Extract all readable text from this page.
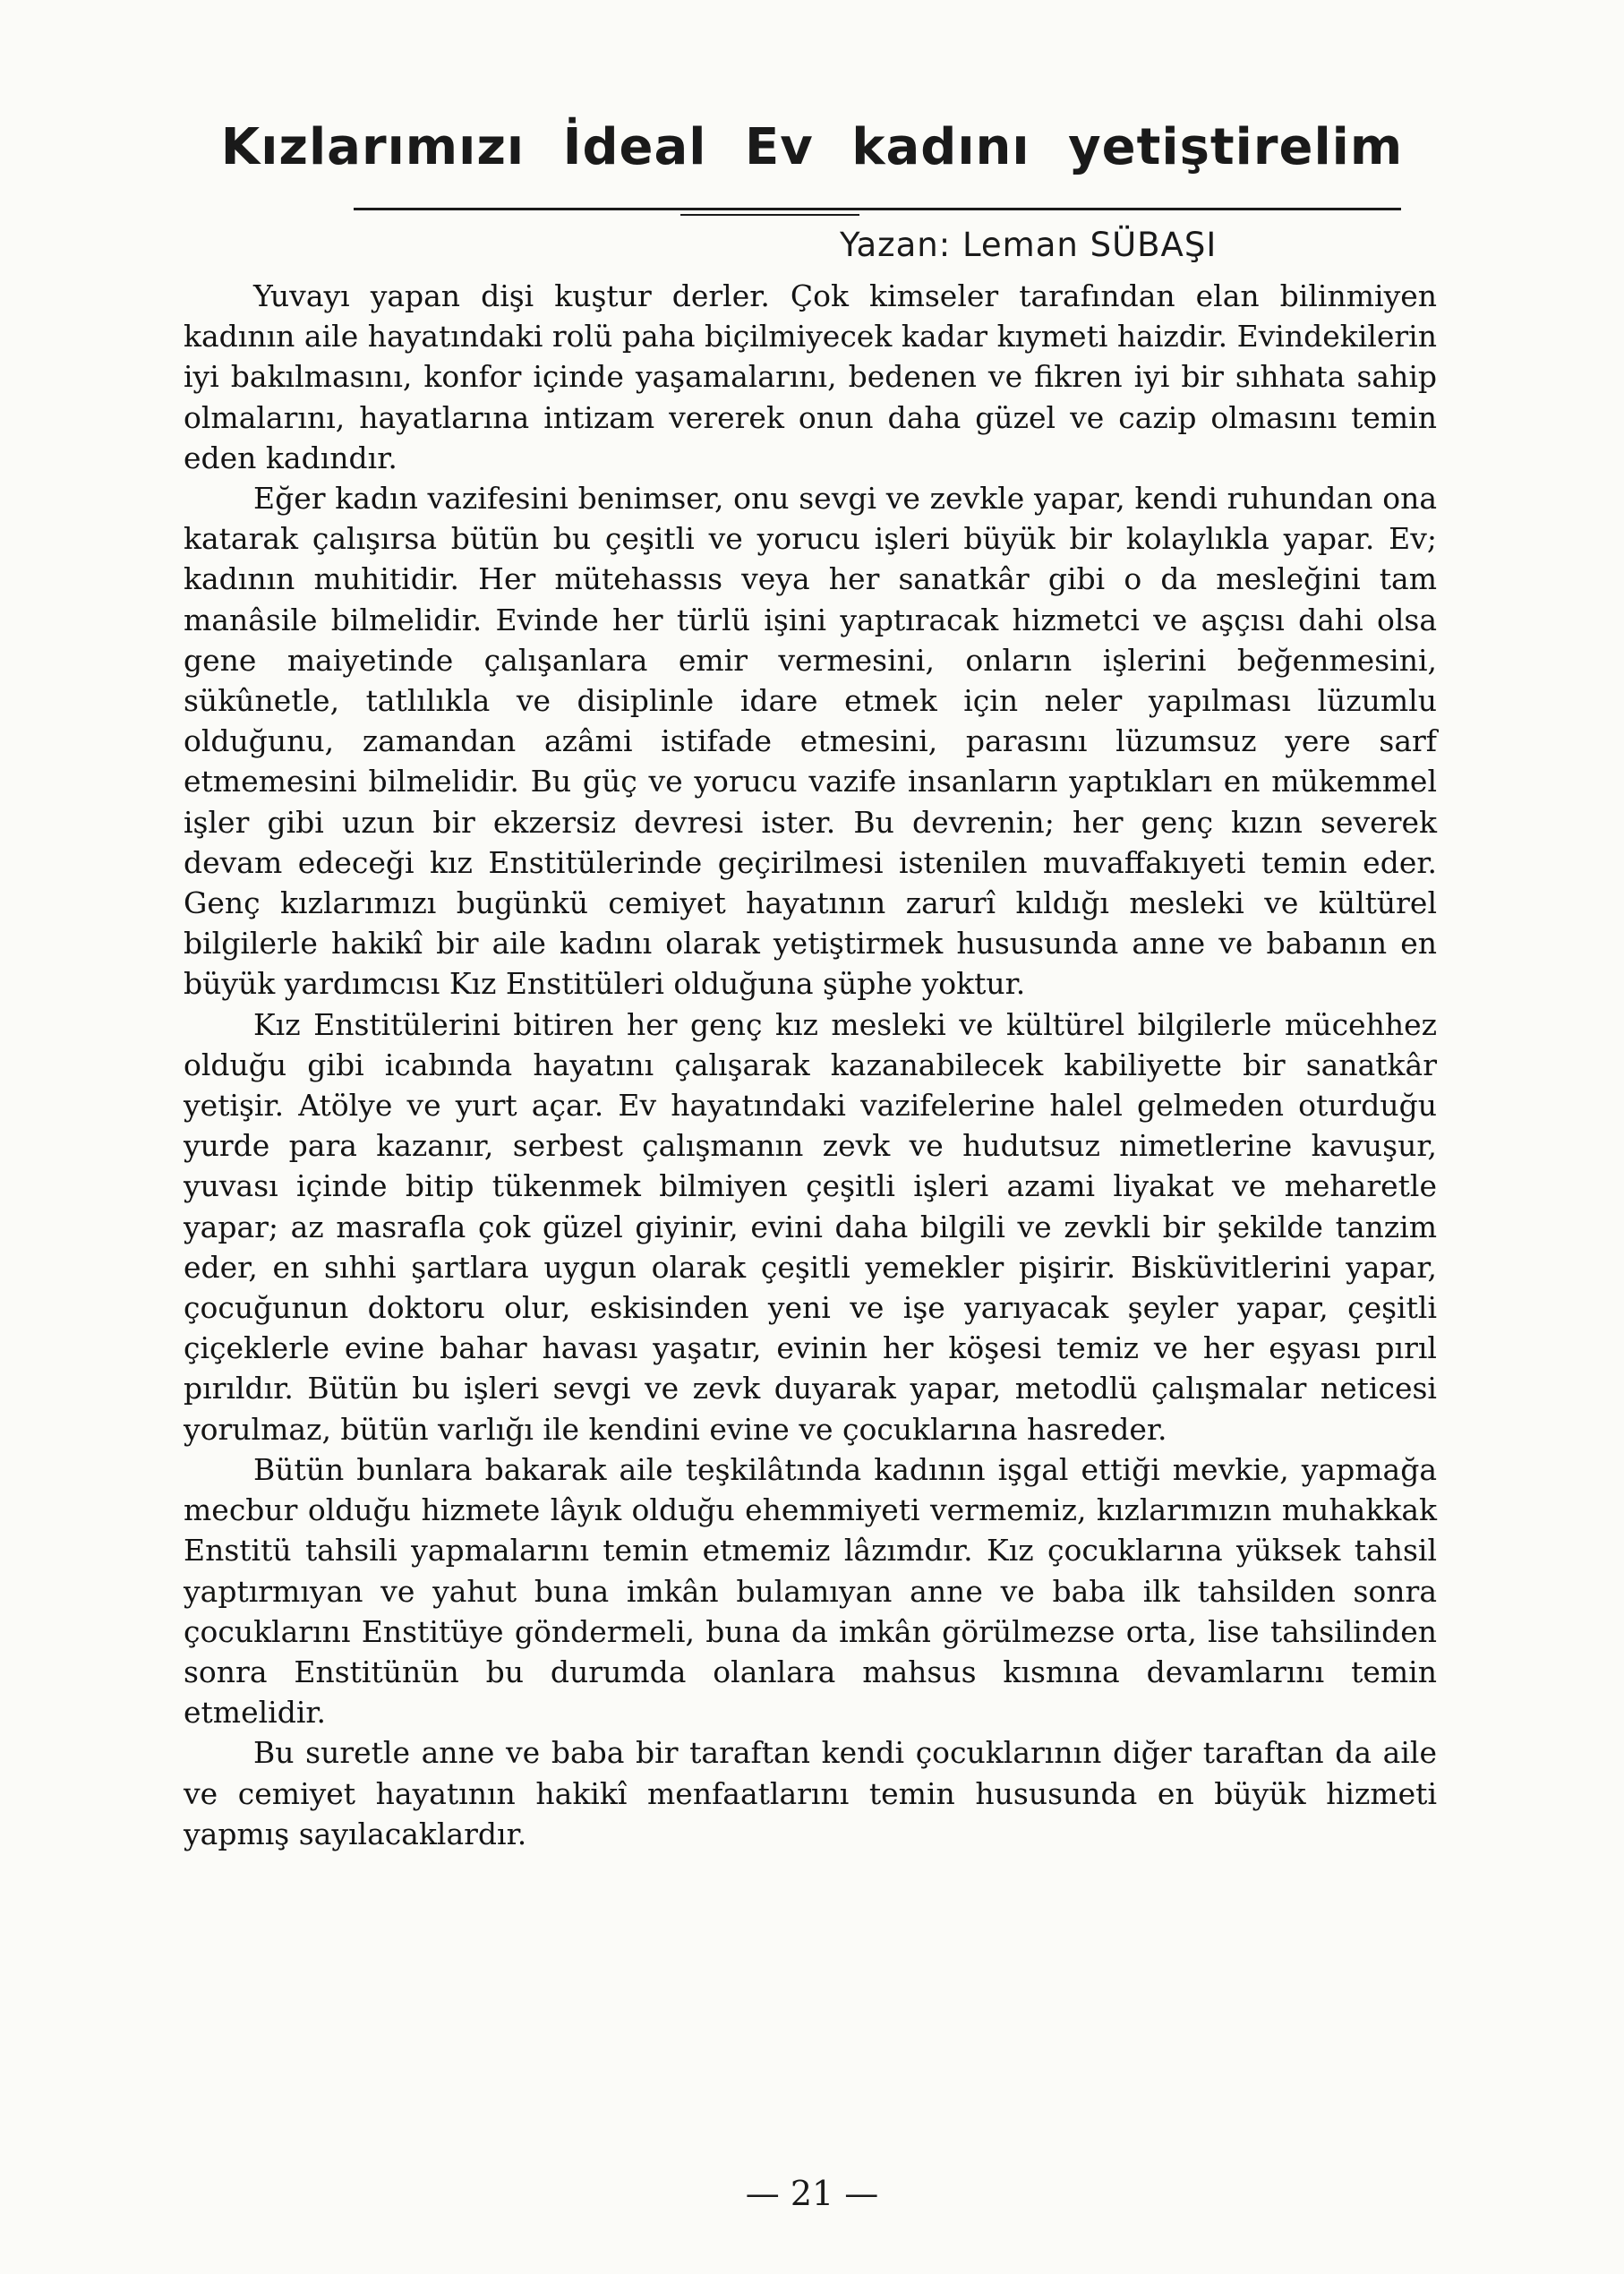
Kızlarımızı İdeal Ev kadını yetiştirelim
Yazan: Leman SÜBAŞI

Yuvayı yapan dişi kuştur derler. Çok kimseler tarafından elan bilinmiyen kadının aile hayatındaki rolü paha biçilmiyecek kadar kıymeti haizdir. Evindekilerin iyi bakılmasını, konfor içinde yaşamalarını, bedenen ve fikren iyi bir sıhhata sahip olmalarını, hayatlarına intizam vererek onun daha güzel ve cazip olmasını temin eden kadındır.

Eğer kadın vazifesini benimser, onu sevgi ve zevkle yapar, kendi ruhundan ona katarak çalışırsa bütün bu çeşitli ve yorucu işleri büyük bir kolaylıkla yapar. Ev; kadının muhitidir. Her mütehassıs veya her sanatkâr gibi o da mesleğini tam manâsile bilmelidir. Evinde her türlü işini yaptıracak hizmetci ve aşçısı dahi olsa gene maiyetinde çalışanlara emir vermesini, onların işlerini beğenmesini, sükûnetle, tatlılıkla ve disiplinle idare etmek için neler yapılması lüzumlu olduğunu, zamandan azâmi istifade etmesini, parasını lüzumsuz yere sarf etmemesini bilmelidir. Bu güç ve yorucu vazife insanların yaptıkları en mükemmel işler gibi uzun bir ekzersiz devresi ister. Bu devrenin; her genç kızın severek devam edeceği kız Enstitülerinde geçirilmesi istenilen muvaffakıyeti temin eder. Genç kızlarımızı bugünkü cemiyet hayatının zarurî kıldığı mesleki ve kültürel bilgilerle hakikî bir aile kadını olarak yetiştirmek hususunda anne ve babanın en büyük yardımcısı Kız Enstitüleri olduğuna şüphe yoktur.

Kız Enstitülerini bitiren her genç kız mesleki ve kültürel bilgilerle mücehhez olduğu gibi icabında hayatını çalışarak kazanabilecek kabiliyette bir sanatkâr yetişir. Atölye ve yurt açar. Ev hayatındaki vazifelerine halel gelmeden oturduğu yurde para kazanır, serbest çalışmanın zevk ve hudutsuz nimetlerine kavuşur, yuvası içinde bitip tükenmek bilmiyen çeşitli işleri azami liyakat ve meharetle yapar; az masrafla çok güzel giyinir, evini daha bilgili ve zevkli bir şekilde tanzim eder, en sıhhi şartlara uygun olarak çeşitli yemekler pişirir. Bisküvitlerini yapar, çocuğunun doktoru olur, eskisinden yeni ve işe yarıyacak şeyler yapar, çeşitli çiçeklerle evine bahar havası yaşatır, evinin her köşesi temiz ve her eşyası pırıl pırıldır. Bütün bu işleri sevgi ve zevk duyarak yapar, metodlü çalışmalar neticesi yorulmaz, bütün varlığı ile kendini evine ve çocuklarına hasreder.

Bütün bunlara bakarak aile teşkilâtında kadının işgal ettiği mevkie, yapmağa mecbur olduğu hizmete lâyık olduğu ehemmiyeti vermemiz, kızlarımızın muhakkak Enstitü tahsili yapmalarını temin etmemiz lâzımdır. Kız çocuklarına yüksek tahsil yaptırmıyan ve yahut buna imkân bulamıyan anne ve baba ilk tahsilden sonra çocuklarını Enstitüye göndermeli, buna da imkân görülmezse orta, lise tahsilinden sonra Enstitünün bu durumda olanlara mahsus kısmına devamlarını temin etmelidir.

Bu suretle anne ve baba bir taraftan kendi çocuklarının diğer taraftan da aile ve cemiyet hayatının hakikî menfaatlarını temin hususunda en büyük hizmeti yapmış sayılacaklardır.

— 21 —
